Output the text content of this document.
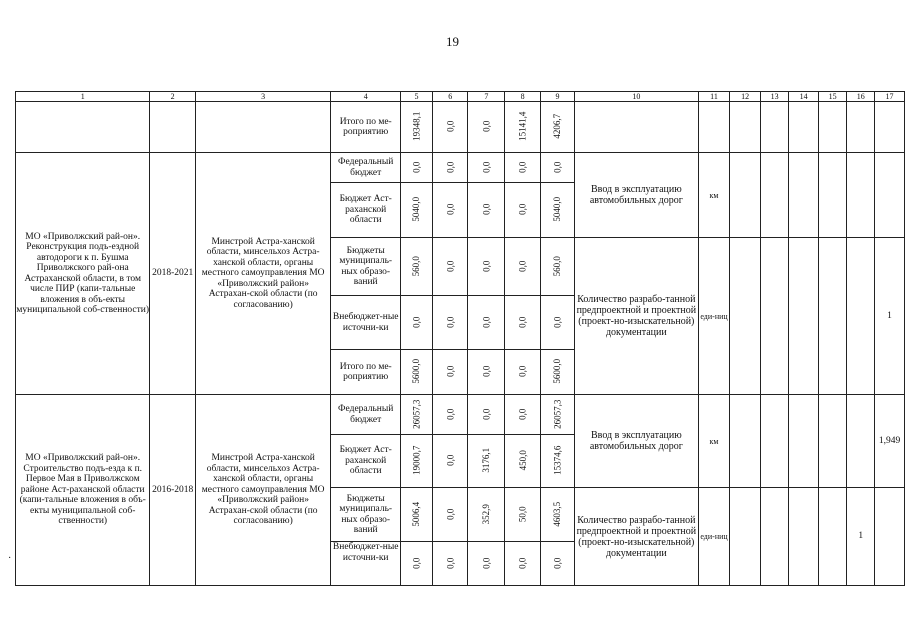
19
·
1	2	3	4	5	6	7	8	9	10	11	12	13	14	15	16	17
			Итого по ме-роприятию	19348,1	0,0	0,0	15141,4	4206,7								
МО «Приволжский рай-он». Реконструкция подъ-ездной автодороги к п. Бушма Приволжского рай-она Астраханской области, в том числе ПИР (капи-тальные вложения в объ-екты муниципальной соб-ственности)	2018-2021	Минстрой Астра-ханской области, минсельхоз Астра-ханской области, органы местного самоуправления МО «Приволжский район» Астрахан-ской области (по согласованию)	Федеральный бюджет	0,0	0,0	0,0	0,0	0,0	Ввод в эксплуатацию автомобильных дорог	км						
			Бюджет Аст-раханской области	5040,0	0,0	0,0	0,0	5040,0								
			Бюджеты муниципаль-ных образо-ваний	560,0	0,0	0,0	0,0	560,0	Количество разрабо-танной предпроектной и проектной (проект-но-изыскательной) документации	еди-ниц						1
			Внебюджет-ные источни-ки	0,0	0,0	0,0	0,0	0,0								
			Итого по ме-роприятию	5600,0	0,0	0,0	0,0	5600,0								
МО «Приволжский рай-он». Строительство подъ-езда к п. Первое Мая в Приволжском районе Аст-раханской области (капи-тальные вложения в объ-екты муниципальной соб-ственности)	2016-2018	Минстрой Астра-ханской области, минсельхоз Астра-ханской области, органы местного самоуправления МО «Приволжский район» Астрахан-ской области (по согласованию)	Федеральный бюджет	26057,3	0,0	0,0	0,0	26057,3	Ввод в эксплуатацию автомобильных дорог	км						1,949
			Бюджет Аст-раханской области	19000,7	0,0	3176,1	450,0	15374,6								
			Бюджеты муниципаль-ных образо-ваний	5006,4	0,0	352,9	50,0	4603,5	Количество разрабо-танной предпроектной и проектной (проект-но-изыскательной) документации	еди-ниц					1	
			Внебюджет-ные источни-ки	0,0	0,0	0,0	0,0	0,0								
